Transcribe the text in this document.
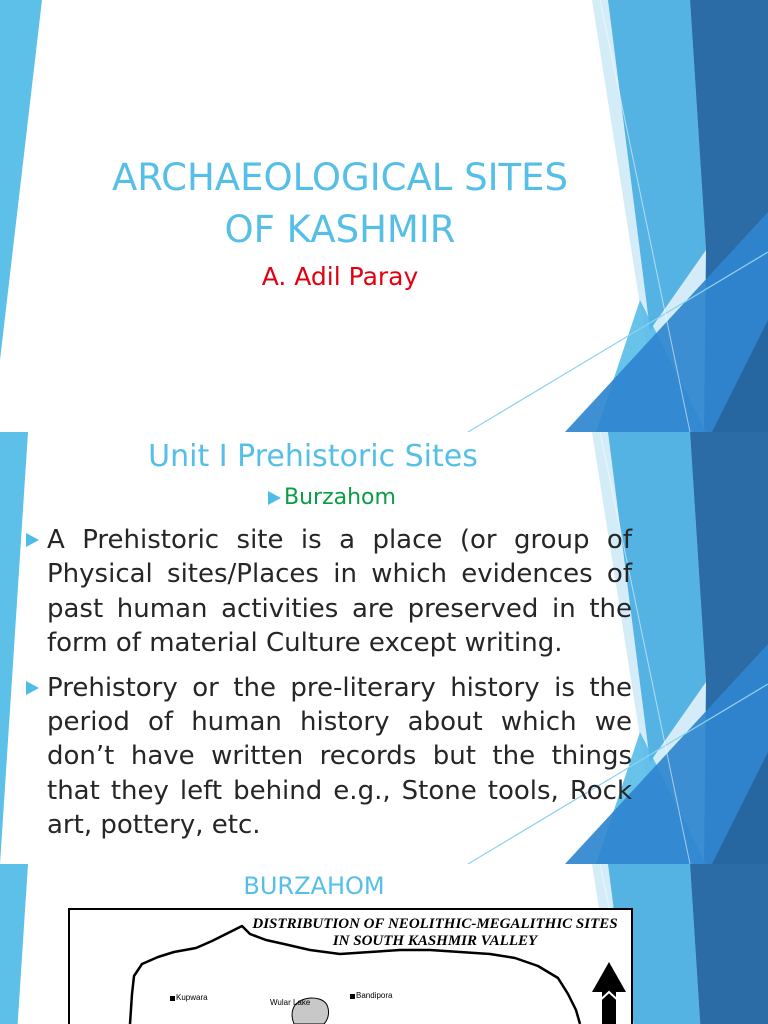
ARCHAEOLOGICAL SITES
OF KASHMIR
A. Adil Paray
Unit I Prehistoric Sites
Burzahom

A Prehistoric site is a place (or group of Physical sites/Places in which evidences of past human activities are preserved in the form of material Culture except writing.

Prehistory or the pre-literary history is the period of human history about which we don’t have written records but the things that they left behind e.g., Stone tools, Rock art, pottery, etc.

BURZAHOM
DISTRIBUTION OF NEOLITHIC-MEGALITHIC SITES
IN SOUTH KASHMIR VALLEY
Kupwara
Wular Lake
Bandipora
